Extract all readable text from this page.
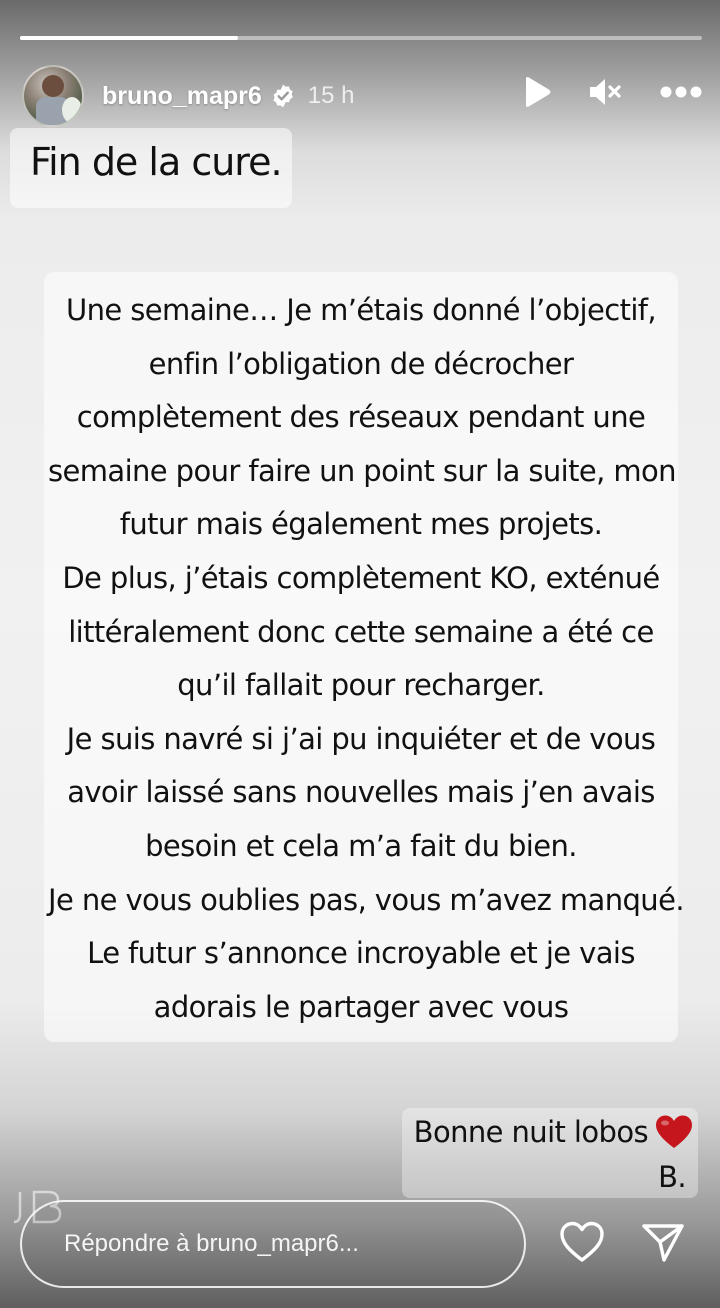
bruno_mapr6 15 h
Fin de la cure.
Une semaine… Je m’étais donné l’objectif,
enfin l’obligation de décrocher
complètement des réseaux pendant une
semaine pour faire un point sur la suite, mon
futur mais également mes projets.
De plus, j’étais complètement KO, exténué
littéralement donc cette semaine a été ce
qu’il fallait pour recharger.
Je suis navré si j’ai pu inquiéter et de vous
avoir laissé sans nouvelles mais j’en avais
besoin et cela m’a fait du bien.
Je ne vous oublies pas, vous m’avez manqué.
Le futur s’annonce incroyable et je vais
adorais le partager avec vous
Bonne nuit lobos
B.
Répondre à bruno_mapr6...
